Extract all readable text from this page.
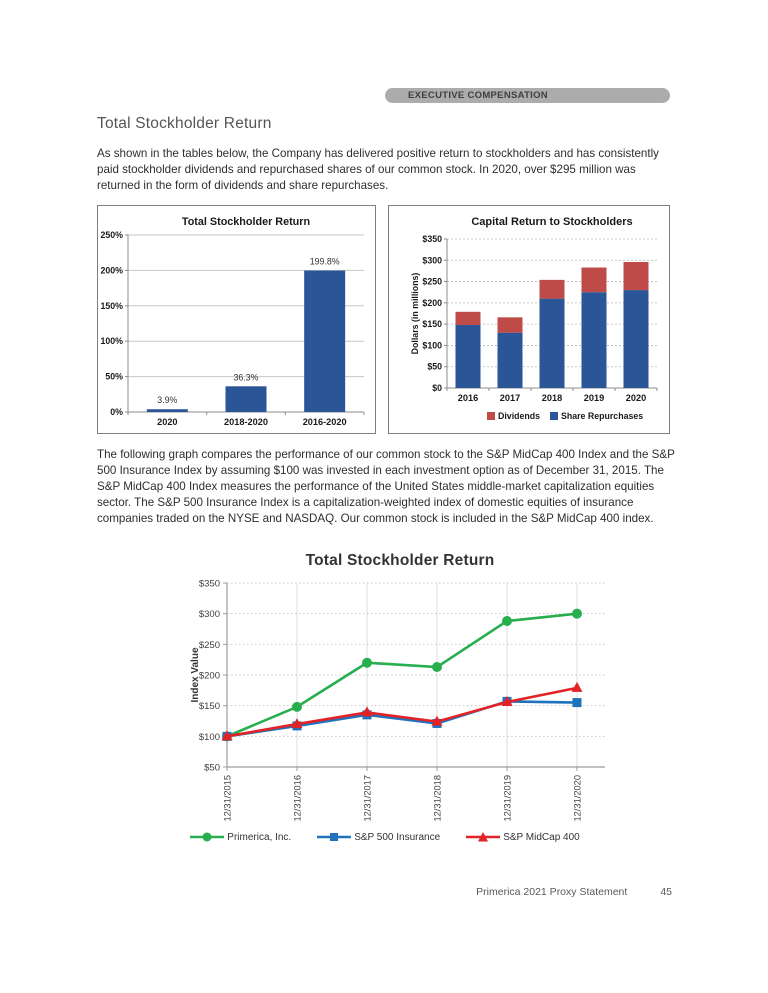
EXECUTIVE COMPENSATION
Total Stockholder Return

As shown in the tables below, the Company has delivered positive return to stockholders and has consistently paid stockholder dividends and repurchased shares of our common stock. In 2020, over $295 million was returned in the form of dividends and share repurchases.

Total Stockholder Return
0%
50%
100%
150%
200%
250%
3.9%
2020
36.3%
2018-2020
199.8%
2016-2020
Capital Return to Stockholders
$0
$50
$100
$150
$200
$250
$300
$350
Dollars (in millions)
2016 2017 2018 2019 2020
Dividends Share Repurchases

The following graph compares the performance of our common stock to the S&P MidCap 400 Index and the S&P 500 Insurance Index by assuming $100 was invested in each investment option as of December 31, 2015. The S&P MidCap 400 Index measures the performance of the United States middle-market capitalization equities sector. The S&P 500 Insurance Index is a capitalization-weighted index of domestic equities of insurance companies traded on the NYSE and NASDAQ. Our common stock is included in the S&P MidCap 400 index.

Total Stockholder Return
$50
$100
$150
$200
$250
$300
$350
Index Value
12/31/2015	12/31/2016	12/31/2017	12/31/2018	12/31/2019	12/31/2020
Primerica, Inc.	S&P 500 Insurance	S&P MidCap 400
Primerica 2021 Proxy Statement	45
